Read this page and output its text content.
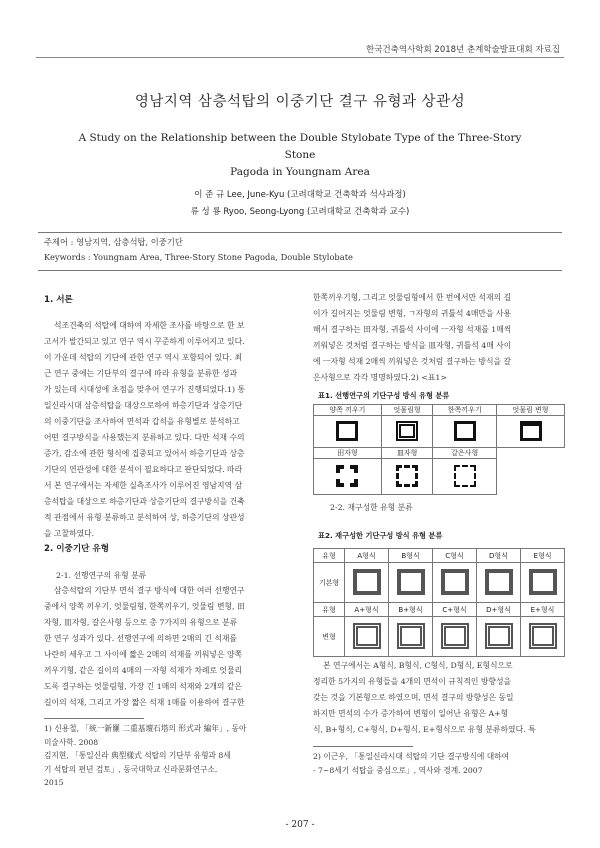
한국건축역사학회 2018년 춘계학술발표대회 자료집
영남지역 삼층석탑의 이중기단 결구 유형과 상관성
A Study on the Relationship between the Double Stylobate Type of the Three-Story Stone
Pagoda in Youngnam Area
이 준 규 Lee, June-Kyu (고려대학교 건축학과 석사과정)
류 성 룡 Ryoo, Seong-Lyong (고려대학교 건축학과 교수)
주제어 : 영남지역, 삼층석탑, 이중기단
Keywords : Youngnam Area, Three-Story Stone Pagoda, Double Stylobate
1. 서론
석조건축의 석탑에 대하여 자세한 조사를 바탕으로 한 보
고서가 발간되고 있고 연구 역시 꾸준하게 이루어지고 있다.
이 가운데 석탑의 기단에 관한 연구 역시 포함되어 있다. 최
근 연구 중에는 기단부의 결구에 따라 유형을 분류한 성과
가 있는데 시대성에 초점을 맞추어 연구가 진행되었다.1) 통
일신라시대 삼층석탑을 대상으로하여 하층기단과 상층기단
의 이중기단을 조사하여 면석과 갑석을 유형별로 분석하고
어떤 결구방식을 사용했는지 분류하고 있다. 다만 석재 수의
증가, 감소에 관한 형식에 집중되고 있어서 하층기단과 상층
기단의 연관성에 대한 분석이 필요하다고 판단되었다. 따라
서 본 연구에서는 자세한 실측조사가 이루어진 영남지역 삼
층석탑을 대상으로 하층기단과 상층기단의 결구방식을 건축
적 관점에서 유형 분류하고 분석하여 상, 하층기단의 상관성
을 고찰하였다.
2. 이중기단 유형
2-1. 선행연구의 유형 분류
삼층석탑의 기단부 면석 결구 방식에 대한 여러 선행연구
중에서 양쪽 끼우기, 엇물림형, 한쪽끼우기, 엇물림 변형, 田
자형, 皿자형, 갈은사형 등으로 총 7가지의 유형으로 분류
한 연구 성과가 있다. 선행연구에 의하면 2매의 긴 석재를
나란히 세우고 그 사이에 짧은 2매의 석재를 끼워넣은 양쪽
끼우기형, 같은 길이의 4매의 ㅡ자형 석재가 차례로 엇물리
도록 결구하는 엇물림형, 가장 긴 1매의 석재와 2개의 같은
길이의 석재, 그리고 가장 짧은 석재 1매를 이용하여 결구한
1) 신용철, 「統一新羅 二重基壇石塔의 形式과 編年」, 동아
미술사학. 2008
김지현, 「통일신라 典型樣式 석탑의 기단부 유형과 8세
기 석탑의 편년 검토」, 동국대학교 신라문화연구소.
2015
한쪽끼우기형, 그리고 엇물림형에서 한 번에서만 석재의 길
이가 길어지는 엇물림 변형, ㄱ자형의 귀틀석 4매만을 사용
해서 결구하는 田자형, 귀틀석 사이에 ㅡ자형 석재를 1매씩
끼워넣은 것처럼 결구하는 방식을 皿자형, 귀틀석 4매 사이
에 ㅡ자형 석재 2매씩 끼워넣은 것처럼 결구하는 방식을 갈
은사형으로 각각 명명하였다.2) <표1>
표1. 선행연구의 기단구성 방식 유형 분류
양쪽 끼우기	엇물림형	한쪽끼우기	엇물림 변형

田자형	皿자형	갈은사형	

2-2. 재구성한 유형 분류
표2. 재구성한 기단구성 방식 유형 분류
유형	A형식	B형식	C형식	D형식	E형식
기본형					
유형	A+형식	B+형식	C+형식	D+형식	E+형식
변형					
본 연구에서는 A형식, B형식, C형식, D형식, E형식으로
정리한 5가지의 유형들을 4개의 면석이 규칙적인 방향성을
갖는 것을 기본형으로 하였으며, 면석 결구의 방향성은 동일
하지만 면석의 수가 증가하여 변형이 일어난 유형은 A+형
식, B+형식, C+형식, D+형식, E+형식으로 유형 분류하였다. 특
2) 이근우, 「통일신라시대 석탑의 기단 결구방식에 대하여
- 7~8세기 석탑을 중심으로」, 역사와 경계. 2007
- 207 -
